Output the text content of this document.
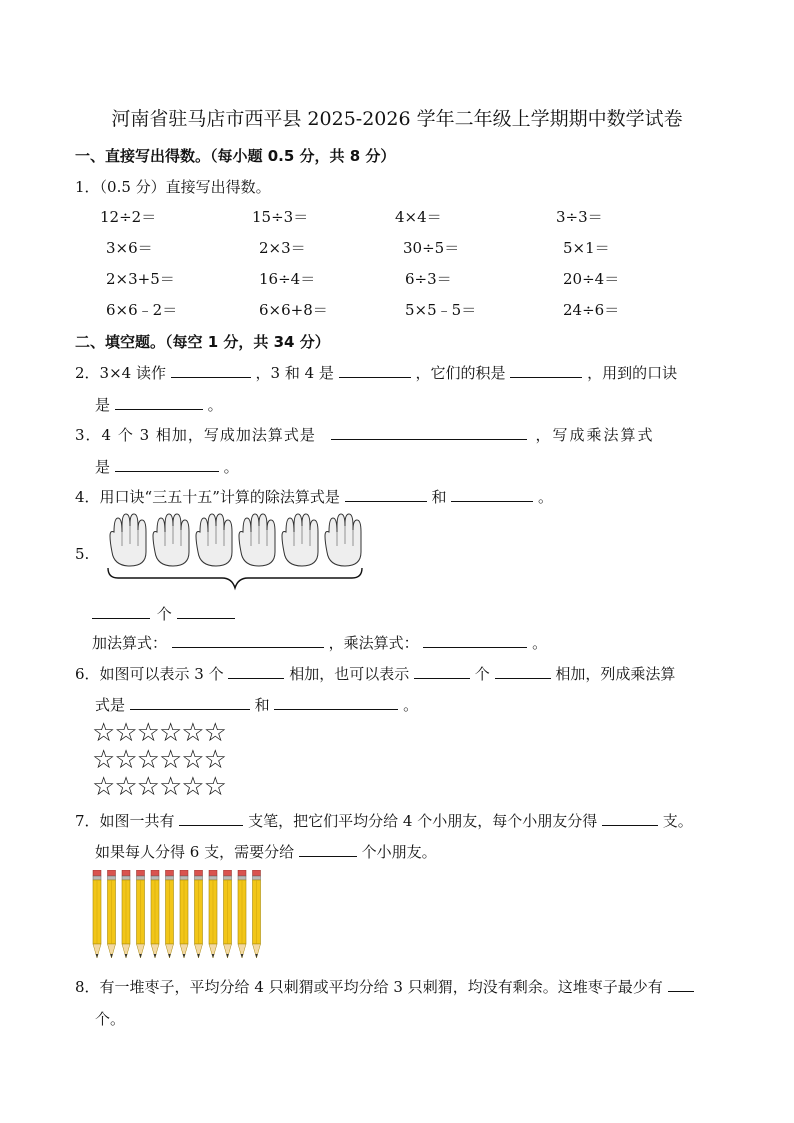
河南省驻马店市西平县 2025-2026 学年二年级上学期期中数学试卷
一、直接写出得数。（每小题 0.5 分，共 8 分）
1．（0.5 分）直接写出得数。
12÷2＝	15÷3＝	4×4＝	3÷3＝
3×6＝	2×3＝	30÷5＝	5×1＝
2×3+5＝	16÷4＝	6÷3＝	20÷4＝
6×6﹣2＝	6×6+8＝	5×5﹣5＝	24÷6＝
二、填空题。（每空 1 分，共 34 分）
2．3×4 读作	，3 和 4 是	，它们的积是	，用到的口诀
是	。
3．4 个 3 相加，写成加法算式是	，写成乘法算式
是	。
4．用口诀“三五十五”计算的除法算式是	和	。
5.
个
加法算式：	，乘法算式：	。
6．如图可以表示 3 个	相加，也可以表示	个	相加，列成乘法算
式是	和	。
☆☆☆☆☆☆
☆☆☆☆☆☆
☆☆☆☆☆☆
7．如图一共有	支笔，把它们平均分给 4 个小朋友，每个小朋友分得	支。
如果每人分得 6 支，需要分给	个小朋友。
8．有一堆枣子，平均分给 4 只刺猬或平均分给 3 只刺猬，均没有剩余。这堆枣子最少有
个。
